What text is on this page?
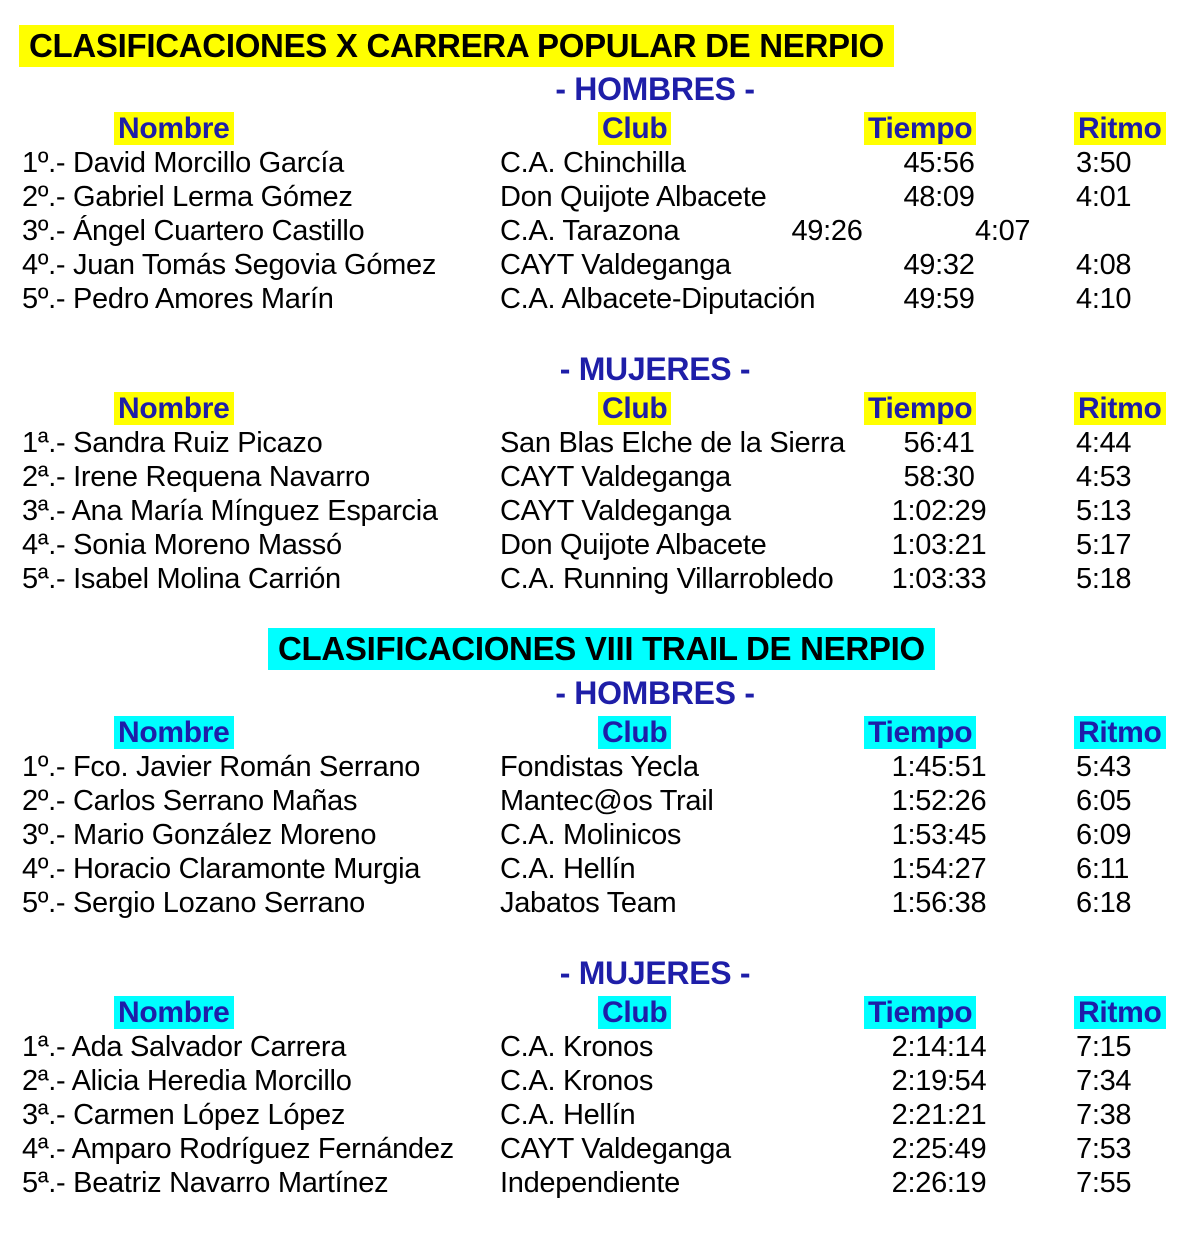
CLASIFICACIONES X CARRERA POPULAR DE NERPIO
- HOMBRES -
Nombre	Club	Tiempo	Ritmo
1º.- David Morcillo García	C.A. Chinchilla	45:56	3:50
2º.- Gabriel Lerma Gómez	Don Quijote Albacete	48:09	4:01
3º.- Ángel Cuartero Castillo	C.A. Tarazona	49:26	4:07
4º.- Juan Tomás Segovia Gómez	CAYT Valdeganga	49:32	4:08
5º.- Pedro Amores Marín	C.A. Albacete-Diputación	49:59	4:10
- MUJERES -
Nombre	Club	Tiempo	Ritmo
1ª.- Sandra Ruiz Picazo	San Blas Elche de la Sierra	56:41	4:44
2ª.- Irene Requena Navarro	CAYT Valdeganga	58:30	4:53
3ª.- Ana María Mínguez Esparcia	CAYT Valdeganga	1:02:29	5:13
4ª.- Sonia Moreno Massó	Don Quijote Albacete	1:03:21	5:17
5ª.- Isabel Molina Carrión	C.A. Running Villarrobledo	1:03:33	5:18
CLASIFICACIONES VIII TRAIL DE NERPIO
- HOMBRES -
Nombre	Club	Tiempo	Ritmo
1º.- Fco. Javier Román Serrano	Fondistas Yecla	1:45:51	5:43
2º.- Carlos Serrano Mañas	Mantec@os Trail	1:52:26	6:05
3º.- Mario González Moreno	C.A. Molinicos	1:53:45	6:09
4º.- Horacio Claramonte Murgia	C.A. Hellín	1:54:27	6:11
5º.- Sergio Lozano Serrano	Jabatos Team	1:56:38	6:18
- MUJERES -
Nombre	Club	Tiempo	Ritmo
1ª.- Ada Salvador Carrera	C.A. Kronos	2:14:14	7:15
2ª.- Alicia Heredia Morcillo	C.A. Kronos	2:19:54	7:34
3ª.- Carmen López López	C.A. Hellín	2:21:21	7:38
4ª.- Amparo Rodríguez Fernández	CAYT Valdeganga	2:25:49	7:53
5ª.- Beatriz Navarro Martínez	Independiente	2:26:19	7:55
